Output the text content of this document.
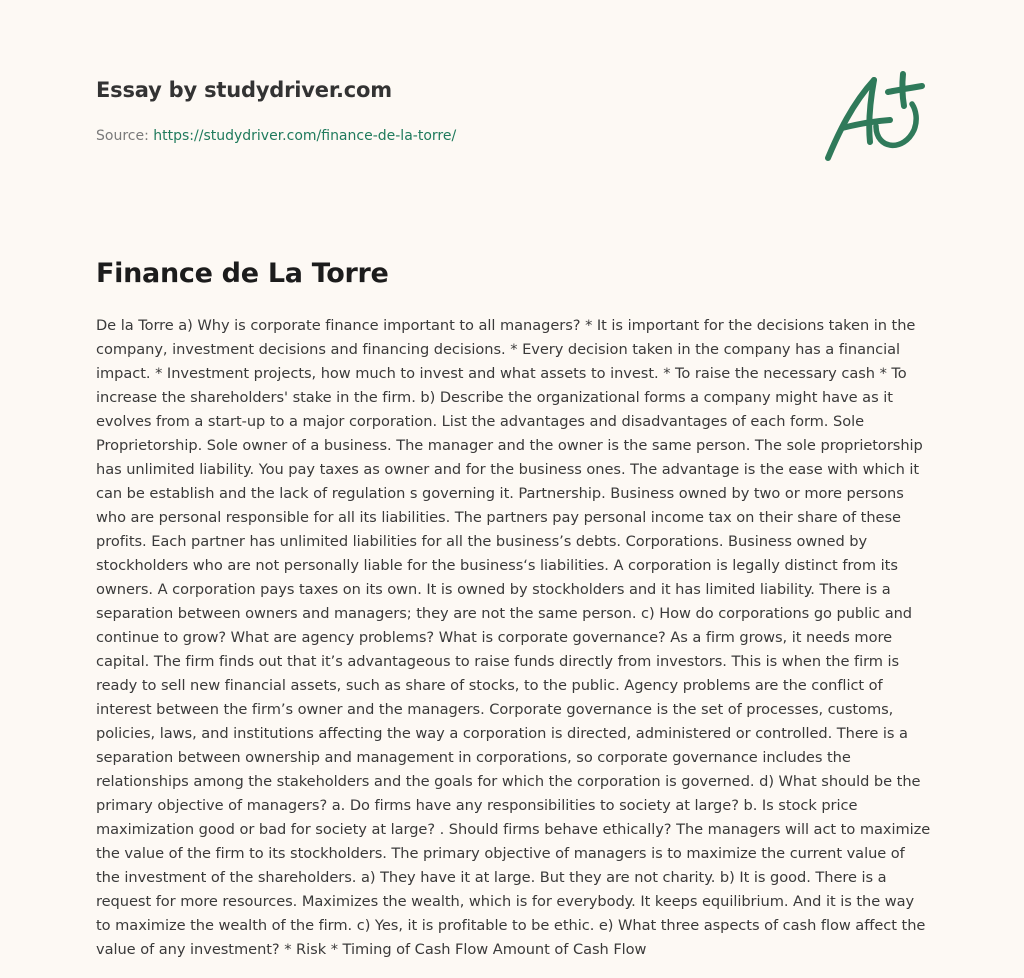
Essay by studydriver.com
Source: https://studydriver.com/finance-de-la-torre/
Finance de La Torre

De la Torre a) Why is corporate finance important to all managers? * It is important for the decisions taken in the company, investment decisions and financing decisions. * Every decision taken in the company has a financial impact. * Investment projects, how much to invest and what assets to invest. * To raise the necessary cash * To increase the shareholders' stake in the firm. b) Describe the organizational forms a company might have as it evolves from a start-up to a major corporation. List the advantages and disadvantages of each form. Sole Proprietorship. Sole owner of a business. The manager and the owner is the same person. The sole proprietorship has unlimited liability. You pay taxes as owner and for the business ones. The advantage is the ease with which it can be establish and the lack of regulation s governing it. Partnership. Business owned by two or more persons who are personal responsible for all its liabilities. The partners pay personal income tax on their share of these profits. Each partner has unlimited liabilities for all the business’s debts. Corporations. Business owned by stockholders who are not personally liable for the business‘s liabilities. A corporation is legally distinct from its owners. A corporation pays taxes on its own. It is owned by stockholders and it has limited liability. There is a separation between owners and managers; they are not the same person. c) How do corporations go public and continue to grow? What are agency problems? What is corporate governance? As a firm grows, it needs more capital. The firm finds out that it’s advantageous to raise funds directly from investors. This is when the firm is ready to sell new financial assets, such as share of stocks, to the public. Agency problems are the conflict of interest between the firm’s owner and the managers. Corporate governance is the set of processes, customs, policies, laws, and institutions affecting the way a corporation is directed, administered or controlled. There is a separation between ownership and management in corporations, so corporate governance includes the relationships among the stakeholders and the goals for which the corporation is governed. d) What should be the primary objective of managers? a. Do firms have any responsibilities to society at large? b. Is stock price maximization good or bad for society at large? . Should firms behave ethically? The managers will act to maximize the value of the firm to its stockholders. The primary objective of managers is to maximize the current value of the investment of the shareholders. a) They have it at large. But they are not charity. b) It is good. There is a request for more resources. Maximizes the wealth, which is for everybody. It keeps equilibrium. And it is the way to maximize the wealth of the firm. c) Yes, it is profitable to be ethic. e) What three aspects of cash flow affect the value of any investment? * Risk * Timing of Cash Flow Amount of Cash Flow
